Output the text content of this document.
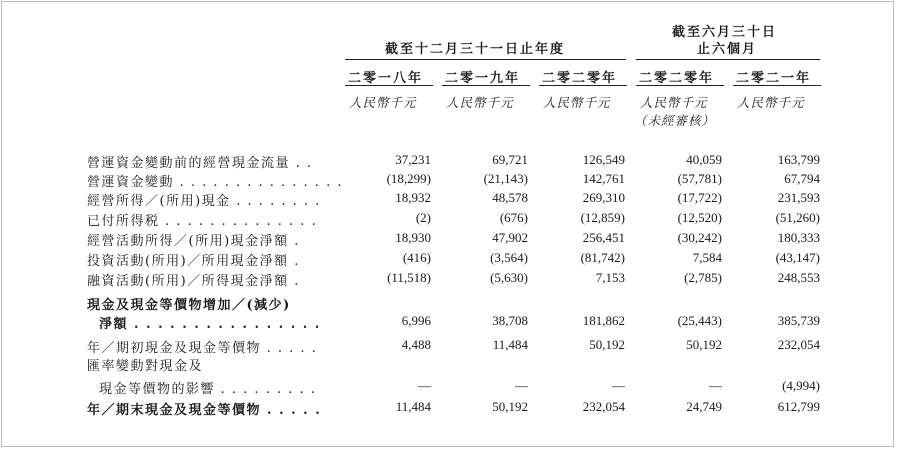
截至十二月三十一日止年度
截至六月三十日
止六個月
二零一八年 二零一九年 二零二零年 二零二零年 二零二一年
人民幣千元 人民幣千元 人民幣千元 人民幣千元 人民幣千元
（未經審核）
營運資金變動前的經營現金流量 . .	37,231	69,721	126,549	40,059	163,799
營運資金變動 . . . . . . . . . . . . . . .	(18,299)	(21,143)	142,761	(57,781)	67,794
經營所得／(所用)現金 . . . . . . . .	18,932	48,578	269,310	(17,722)	231,593
已付所得税 . . . . . . . . . . . . . .	(2)	(676)	(12,859)	(12,520)	(51,260)
經營活動所得／(所用)現金淨額 .	18,930	47,902	256,451	(30,242)	180,333
投資活動(所用)／所用現金淨額 .	(416)	(3,564)	(81,742)	7,584	(43,147)
融資活動(所用)／所得現金淨額 .	(11,518)	(5,630)	7,153	(2,785)	248,553
現金及現金等價物增加／(減少)
淨額 . . . . . . . . . . . . . . . .	6,996	38,708	181,862	(25,443)	385,739
年／期初現金及現金等價物 . . . . .	4,488	11,484	50,192	50,192	232,054
匯率變動對現金及
現金等價物的影響 . . . . . . . . .	—	—	—	—	(4,994)
年／期末現金及現金等價物 . . . . .	11,484	50,192	232,054	24,749	612,799
